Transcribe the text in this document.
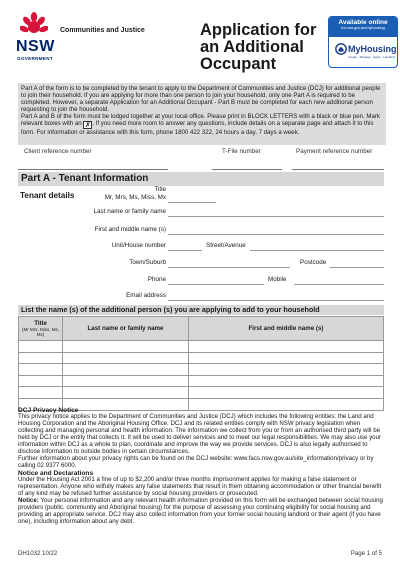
NSW
GOVERNMENT
Communities and Justice	Application for
an Additional
Occupant
Available online
for.nsw.gov.au/myhousing
MyHousing
Create · Manage · Apply · Landlord

Part A of the form is to be completed by the tenant to apply to the Department of Communities and Justice (DCJ) for additional people to join their household. If you are applying for more than one person to join your household, only one Part A is required to be completed. However, a separate Application for an Additional Occupant - Part B must be completed for each new additional person requesting to join the household.

Part A and B of the form must be lodged together at your local office. Please print in BLOCK LETTERS with a black or blue pen. Mark relevant boxes with an ✗ . If you need more room to answer any questions, include details on a separate page and attach it to this form. For information or assistance with this form, phone 1800 422 322, 24 hours a day, 7 days a week.

Client reference number	T-File number	Payment reference number
Part A - Tenant Information
Tenant details
Title
Mr, Mrs, Ms, Miss, Mx
Last name or family name
First and middle name (s)
Unit/House number	Street/Avenue
Town/Suburb	Postcode
Phone	Mobile
Email address
List the name (s) of the additional person (s) you are applying to add to your household
Title
(Mr Mrs, Miss, Ms, Mx)	Last name or family name	First and middle name (s)

DCJ Privacy Notice

This privacy notice applies to the Department of Communities and Justice (DCJ) which includes the following entities: the Land and Housing Corporation and the Aboriginal Housing Office. DCJ and its related entities comply with NSW privacy legislation when collecting and managing personal and health information. The information we collect from you or from an authorised third party will be held by DCJ or the entity that collects it. It will be used to deliver services and to meet our legal responsibilities. We may also use your information within DCJ as a whole to plan, coordinate and improve the way we provide services. DCJ is also legally authorised to disclose information to outside bodies in certain circumstances.

Further information about your privacy rights can be found on the DCJ website: www.facs.nsw.gov.au/site_information/privacy or by calling 02 9377 6000.

Notice and Declarations

Under the Housing Act 2001 a fine of up to $2,200 and/or three months imprisonment applies for making a false statement or representation. Anyone who wilfully makes any false statements that result in them obtaining accommodation or other financial benefit of any kind may be refused further assistance by social housing providers or prosecuted.

Notice: Your personal information and any relevant health information provided on this form will be exchanged between social housing providers (public, community and Aboriginal housing) for the purpose of assessing your continuing eligibility for social housing and providing an appropriate service. DCJ may also collect information from your former social housing landlord or their agent (if you have one), including information about any debt.

DH1032 10/22	Page 1 of 5
